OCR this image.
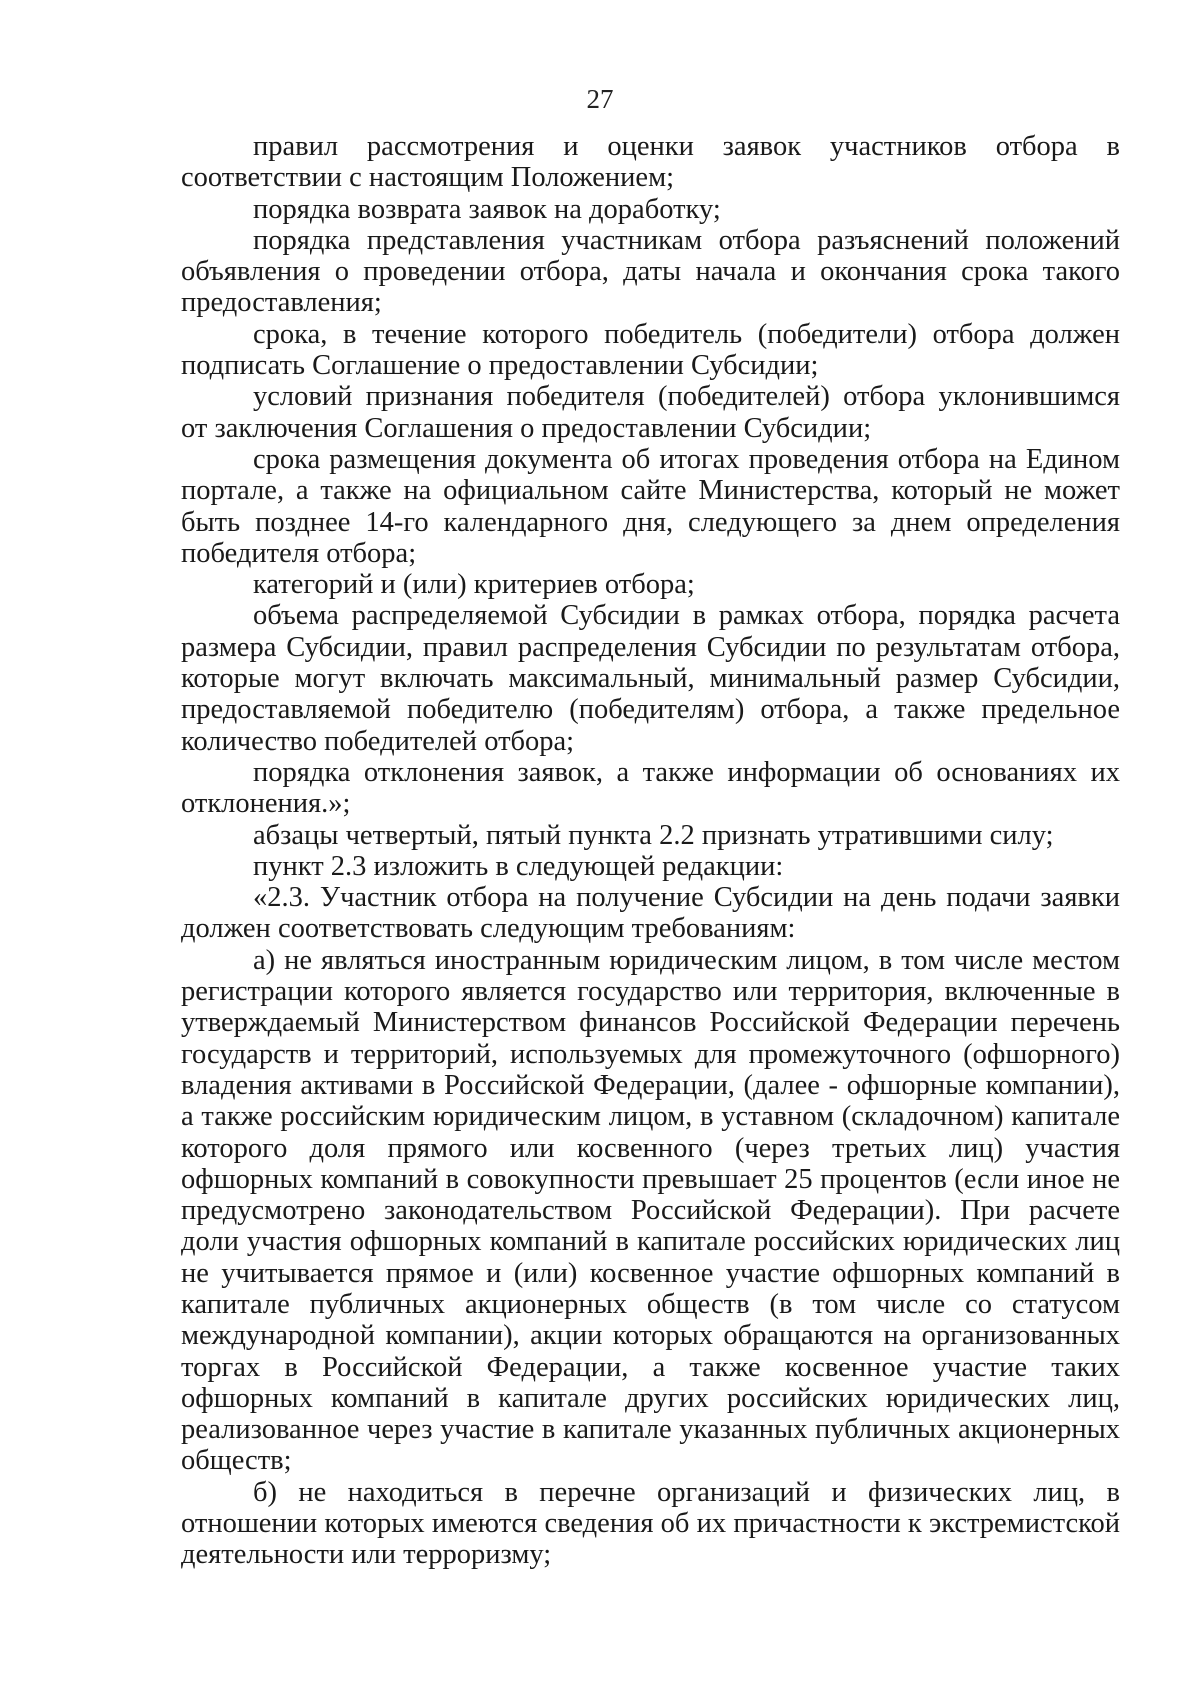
27

правил рассмотрения и оценки заявок участников отбора в соответствии с настоящим Положением;

порядка возврата заявок на доработку;

порядка представления участникам отбора разъяснений положений объявления о проведении отбора, даты начала и окончания срока такого предоставления;

срока, в течение которого победитель (победители) отбора должен подписать Соглашение о предоставлении Субсидии;

условий признания победителя (победителей) отбора уклонившимся от заключения Соглашения о предоставлении Субсидии;

срока размещения документа об итогах проведения отбора на Едином портале, а также на официальном сайте Министерства, который не может быть позднее 14-го календарного дня, следующего за днем определения победителя отбора;

категорий и (или) критериев отбора;

объема распределяемой Субсидии в рамках отбора, порядка расчета размера Субсидии, правил распределения Субсидии по результатам отбора, которые могут включать максимальный, минимальный размер Субсидии, предоставляемой победителю (победителям) отбора, а также предельное количество победителей отбора;

порядка отклонения заявок, а также информации об основаниях их отклонения.»;

абзацы четвертый, пятый пункта 2.2 признать утратившими силу;

пункт 2.3 изложить в следующей редакции:

«2.3. Участник отбора на получение Субсидии на день подачи заявки должен соответствовать следующим требованиям:

а) не являться иностранным юридическим лицом, в том числе местом регистрации которого является государство или территория, включенные в утверждаемый Министерством финансов Российской Федерации перечень государств и территорий, используемых для промежуточного (офшорного) владения активами в Российской Федерации, (далее - офшорные компании), а также российским юридическим лицом, в уставном (складочном) капитале которого доля прямого или косвенного (через третьих лиц) участия офшорных компаний в совокупности превышает 25 процентов (если иное не предусмотрено законодательством Российской Федерации). При расчете доли участия офшорных компаний в капитале российских юридических лиц не учитывается прямое и (или) косвенное участие офшорных компаний в капитале публичных акционерных обществ (в том числе со статусом международной компании), акции которых обращаются на организованных торгах в Российской Федерации, а также косвенное участие таких офшорных компаний в капитале других российских юридических лиц, реализованное через участие в капитале указанных публичных акционерных обществ;

б) не находиться в перечне организаций и физических лиц, в отношении которых имеются сведения об их причастности к экстремистской деятельности или терроризму;
